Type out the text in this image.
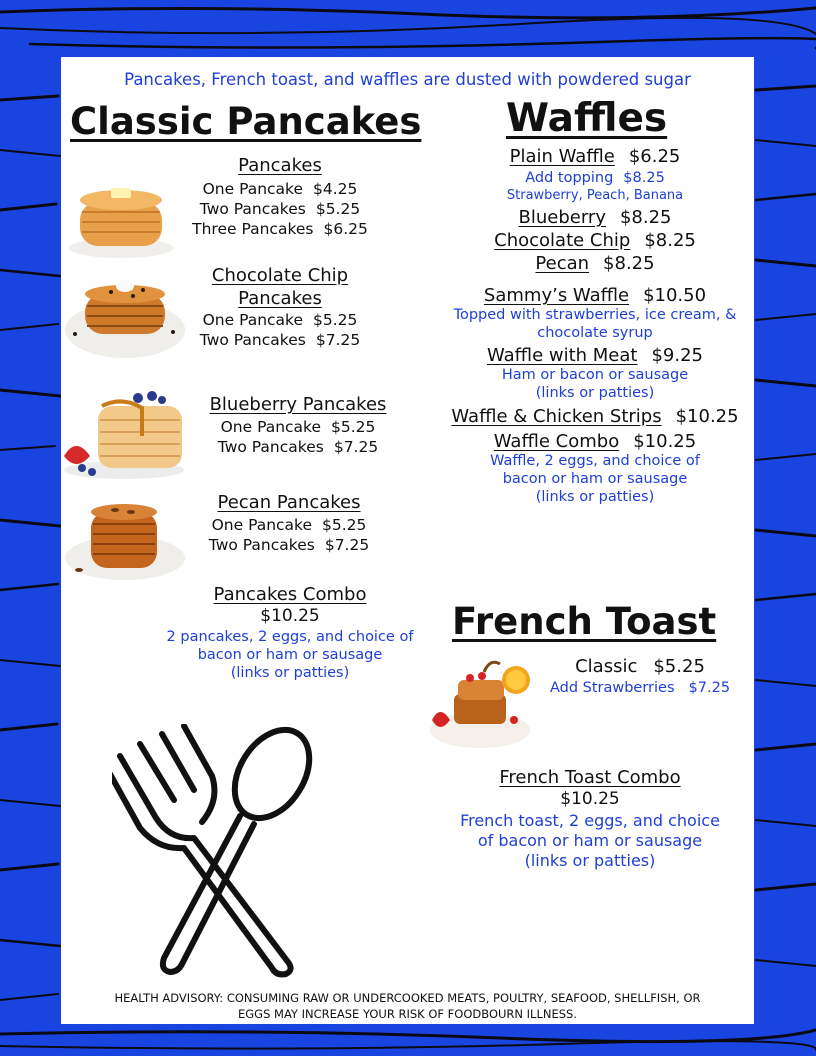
Pancakes, French toast, and waffles are dusted with powdered sugar
Classic Pancakes
Pancakes
One Pancake $4.25
Two Pancakes $5.25
Three Pancakes $6.25
Chocolate Chip
Pancakes
One Pancake $5.25
Two Pancakes $7.25
Blueberry Pancakes
One Pancake $5.25
Two Pancakes $7.25
Pecan Pancakes
One Pancake $5.25
Two Pancakes $7.25
Pancakes Combo
$10.25
2 pancakes, 2 eggs, and choice of
bacon or ham or sausage
(links or patties)
Waffles
Plain Waffle $6.25
Add topping $8.25
Strawberry, Peach, Banana
Blueberry $8.25
Chocolate Chip $8.25
Pecan $8.25
Sammy’s Waffle $10.50
Topped with strawberries, ice cream, &
chocolate syrup
Waffle with Meat $9.25
Ham or bacon or sausage
(links or patties)
Waffle & Chicken Strips $10.25
Waffle Combo $10.25
Waffle, 2 eggs, and choice of
bacon or ham or sausage
(links or patties)
French Toast
Classic $5.25
Add Strawberries $7.25
French Toast Combo
$10.25
French toast, 2 eggs, and choice
of bacon or ham or sausage
(links or patties)
HEALTH ADVISORY: CONSUMING RAW OR UNDERCOOKED MEATS, POULTRY, SEAFOOD, SHELLFISH, OR
EGGS MAY INCREASE YOUR RISK OF FOODBOURN ILLNESS.
